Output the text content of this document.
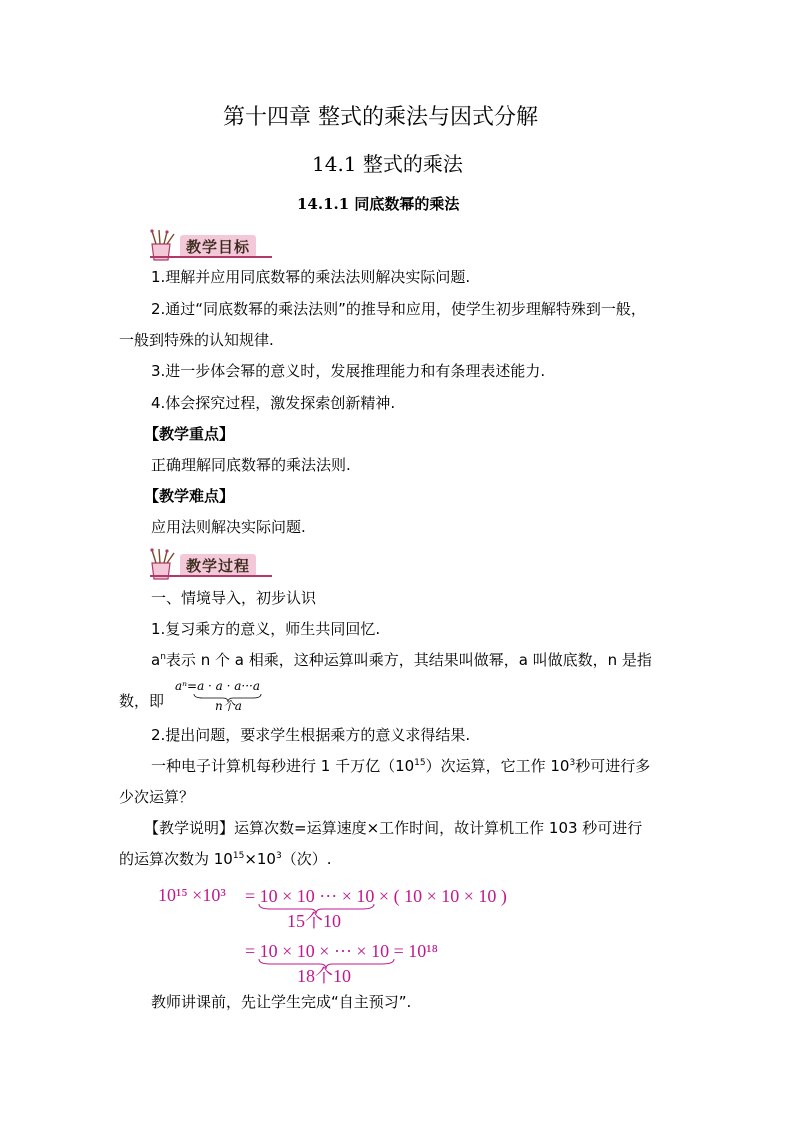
第十四章 整式的乘法与因式分解
14.1 整式的乘法
14.1.1 同底数幂的乘法
教学目标
1.理解并应用同底数幂的乘法法则解决实际问题.
2.通过“同底数幂的乘法法则”的推导和应用，使学生初步理解特殊到一般，
一般到特殊的认知规律.
3.进一步体会幂的意义时，发展推理能力和有条理表述能力.
4.体会探究过程，激发探索创新精神.
【教学重点】
正确理解同底数幂的乘法法则.
【教学难点】
应用法则解决实际问题.
教学过程
一、情境导入，初步认识
1.复习乘方的意义，师生共同回忆.
$a^n$表示 n 个 a 相乘，这种运算叫乘方，其结果叫做幂，a 叫做底数，n 是指
数，即
aⁿ=a · a · a···a
n个a
2.提出问题，要求学生根据乘方的意义求得结果.
一种电子计算机每秒进行 1 千万亿$(10^{15})$次运算，它工作 $10^3$秒可进行多
少次运算？
【教学说明】运算次数=运算速度×工作时间，故计算机工作 103 秒可进行
的运算次数为 $10^{15}\times 10^3$（次）.
10¹⁵ ×10³ = 10 × 10 ··· × 10 × ( 10 × 10 × 10 )
15个10
= 10 × 10 × ··· × 10 = 10¹⁸
18个10
教师讲课前，先让学生完成“自主预习”.
